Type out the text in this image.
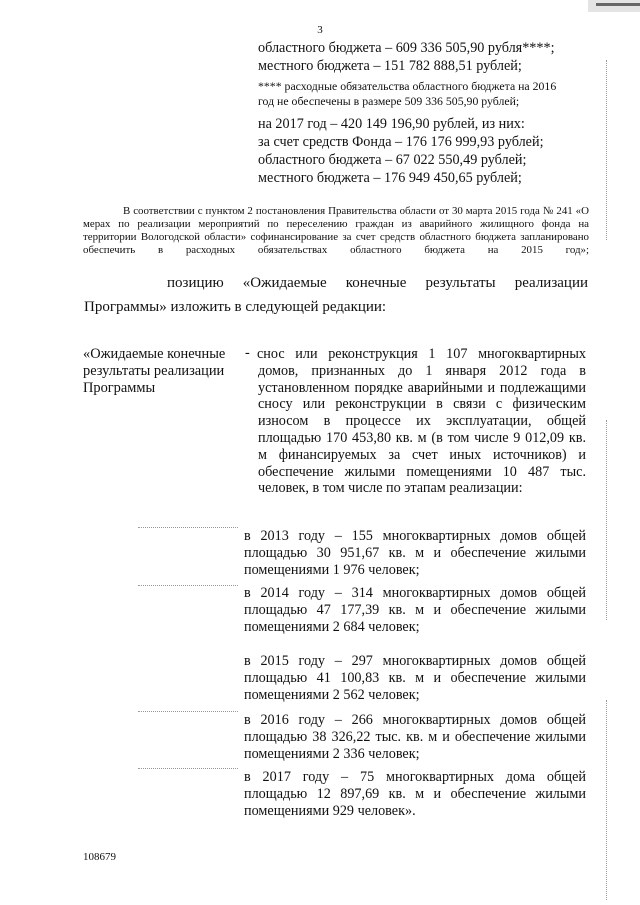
3
областного бюджета – 609 336 505,90 рубля****;
местного бюджета – 151 782 888,51 рублей;
**** расходные обязательства областного бюджета на 2016
год не обеспечены в размере 509 336 505,90 рублей;
на 2017 год – 420 149 196,90 рублей, из них:
за счет средств Фонда – 176 176 999,93 рублей;
областного бюджета – 67 022 550,49 рублей;
местного бюджета – 176 949 450,65 рублей;
В соответствии с пунктом 2 постановления Правительства области от 30 марта 2015 года № 241 «О мерах по реализации мероприятий по переселению граждан из аварийного жилищного фонда на территории Вологодской области» софинансирование за счет средств областного бюджета запланировано обеспечить в расходных обязательствах областного бюджета на 2015 год»;
позицию «Ожидаемые конечные результаты реализации Программы» изложить в следующей редакции:
«Ожидаемые конечные результаты реализации Программы
- снос или реконструкция 1 107 многоквартирных домов, признанных до 1 января 2012 года в установленном порядке аварийными и подлежащими сносу или реконструкции в связи с физическим износом в процессе их эксплуатации, общей площадью 170 453,80 кв. м (в том числе 9 012,09 кв. м финансируемых за счет иных источников) и обеспечение жилыми помещениями 10 487 тыс. человек, в том числе по этапам реализации:
в 2013 году – 155 многоквартирных домов общей площадью 30 951,67 кв. м и обеспечение жилыми помещениями 1 976 человек;
в 2014 году – 314 многоквартирных домов общей площадью 47 177,39 кв. м и обеспечение жилыми помещениями 2 684 человек;
в 2015 году – 297 многоквартирных домов общей площадью 41 100,83 кв. м и обеспечение жилыми помещениями 2 562 человек;
в 2016 году – 266 многоквартирных домов общей площадью 38 326,22 тыс. кв. м и обеспечение жилыми помещениями 2 336 человек;
в 2017 году – 75 многоквартирных дома общей площадью 12 897,69 кв. м и обеспечение жилыми помещениями 929 человек».
108679
